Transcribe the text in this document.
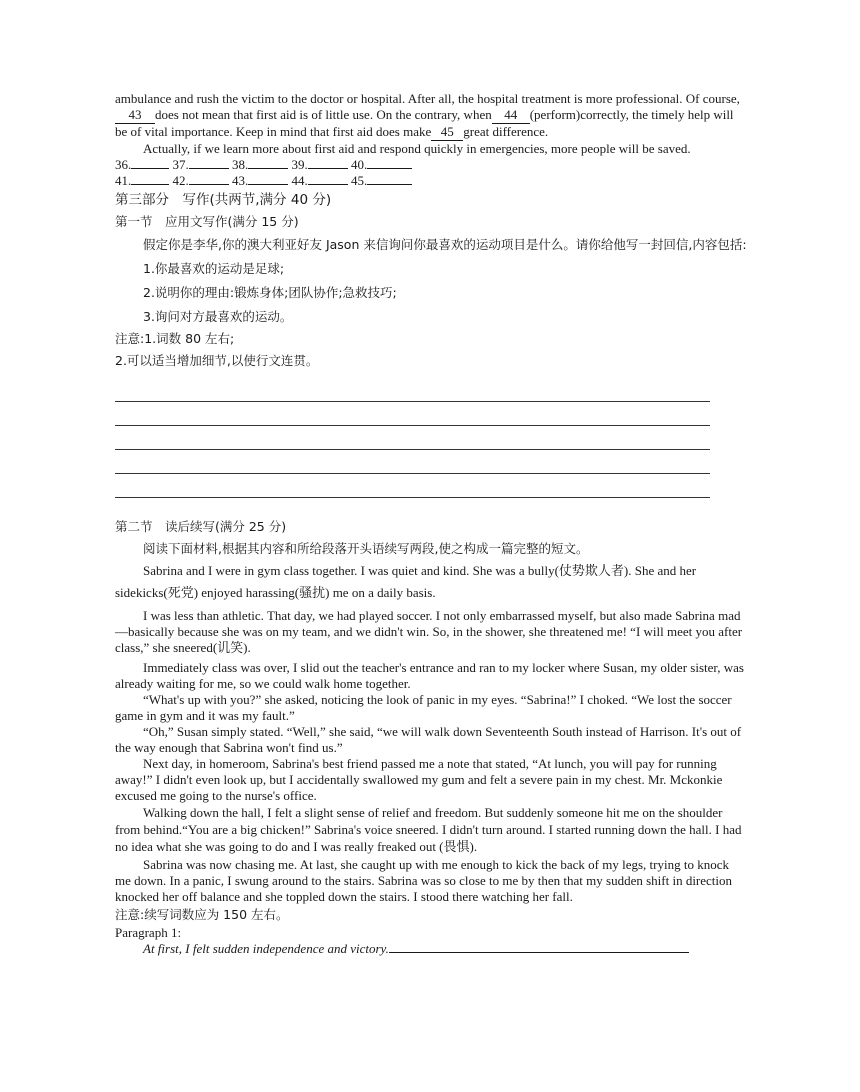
ambulance and rush the victim to the doctor or hospital. After all, the hospital treatment is more professional. Of course,43 does not mean that first aid is of little use. On the contrary, when 44 (perform)correctly, the timely help will be of vital importance. Keep in mind that first aid does make 45 great difference.

Actually, if we learn more about first aid and respond quickly in emergencies, more people will be saved.

36.	37.	38.	39.	40.

41.	42.	43.	44.	45.

第三部分　写作(共两节,满分 40 分)

第一节　应用文写作(满分 15 分)

假定你是李华,你的澳大利亚好友 Jason 来信询问你最喜欢的运动项目是什么。请你给他写一封回信,内容包括:

1.你最喜欢的运动是足球;

2.说明你的理由:锻炼身体;团队协作;急救技巧;

3.询问对方最喜欢的运动。

注意:1.词数 80 左右;

2.可以适当增加细节,以使行文连贯。

第二节　读后续写(满分 25 分)

阅读下面材料,根据其内容和所给段落开头语续写两段,使之构成一篇完整的短文。

Sabrina and I were in gym class together. I was quiet and kind. She was a bully(仗势欺人者). She and her sidekicks(死党) enjoyed harassing(骚扰) me on a daily basis.

I was less than athletic. That day, we had played soccer. I not only embarrassed myself, but also made Sabrina mad—basically because she was on my team, and we didn't win. So, in the shower, she threatened me! “I will meet you after class,” she sneered(讥笑).

Immediately class was over, I slid out the teacher's entrance and ran to my locker where Susan, my older sister, was already waiting for me, so we could walk home together.

“What's up with you?” she asked, noticing the look of panic in my eyes. “Sabrina!” I choked. “We lost the soccer game in gym and it was my fault.”

“Oh,” Susan simply stated. “Well,” she said, “we will walk down Seventeenth South instead of Harrison. It's out of the way enough that Sabrina won't find us.”

Next day, in homeroom, Sabrina's best friend passed me a note that stated, “At lunch, you will pay for running away!” I didn't even look up, but I accidentally swallowed my gum and felt a severe pain in my chest. Mr. Mckonkie excused me going to the nurse's office.

Walking down the hall, I felt a slight sense of relief and freedom. But suddenly someone hit me on the shoulder from behind.“You are a big chicken!” Sabrina's voice sneered. I didn't turn around. I started running down the hall. I had no idea what she was going to do and I was really freaked out (畏惧).

Sabrina was now chasing me. At last, she caught up with me enough to kick the back of my legs, trying to knock me down. In a panic, I swung around to the stairs. Sabrina was so close to me by then that my sudden shift in direction knocked her off balance and she toppled down the stairs. I stood there watching her fall.

注意:续写词数应为 150 左右。

Paragraph 1:

At first, I felt sudden independence and victory.
